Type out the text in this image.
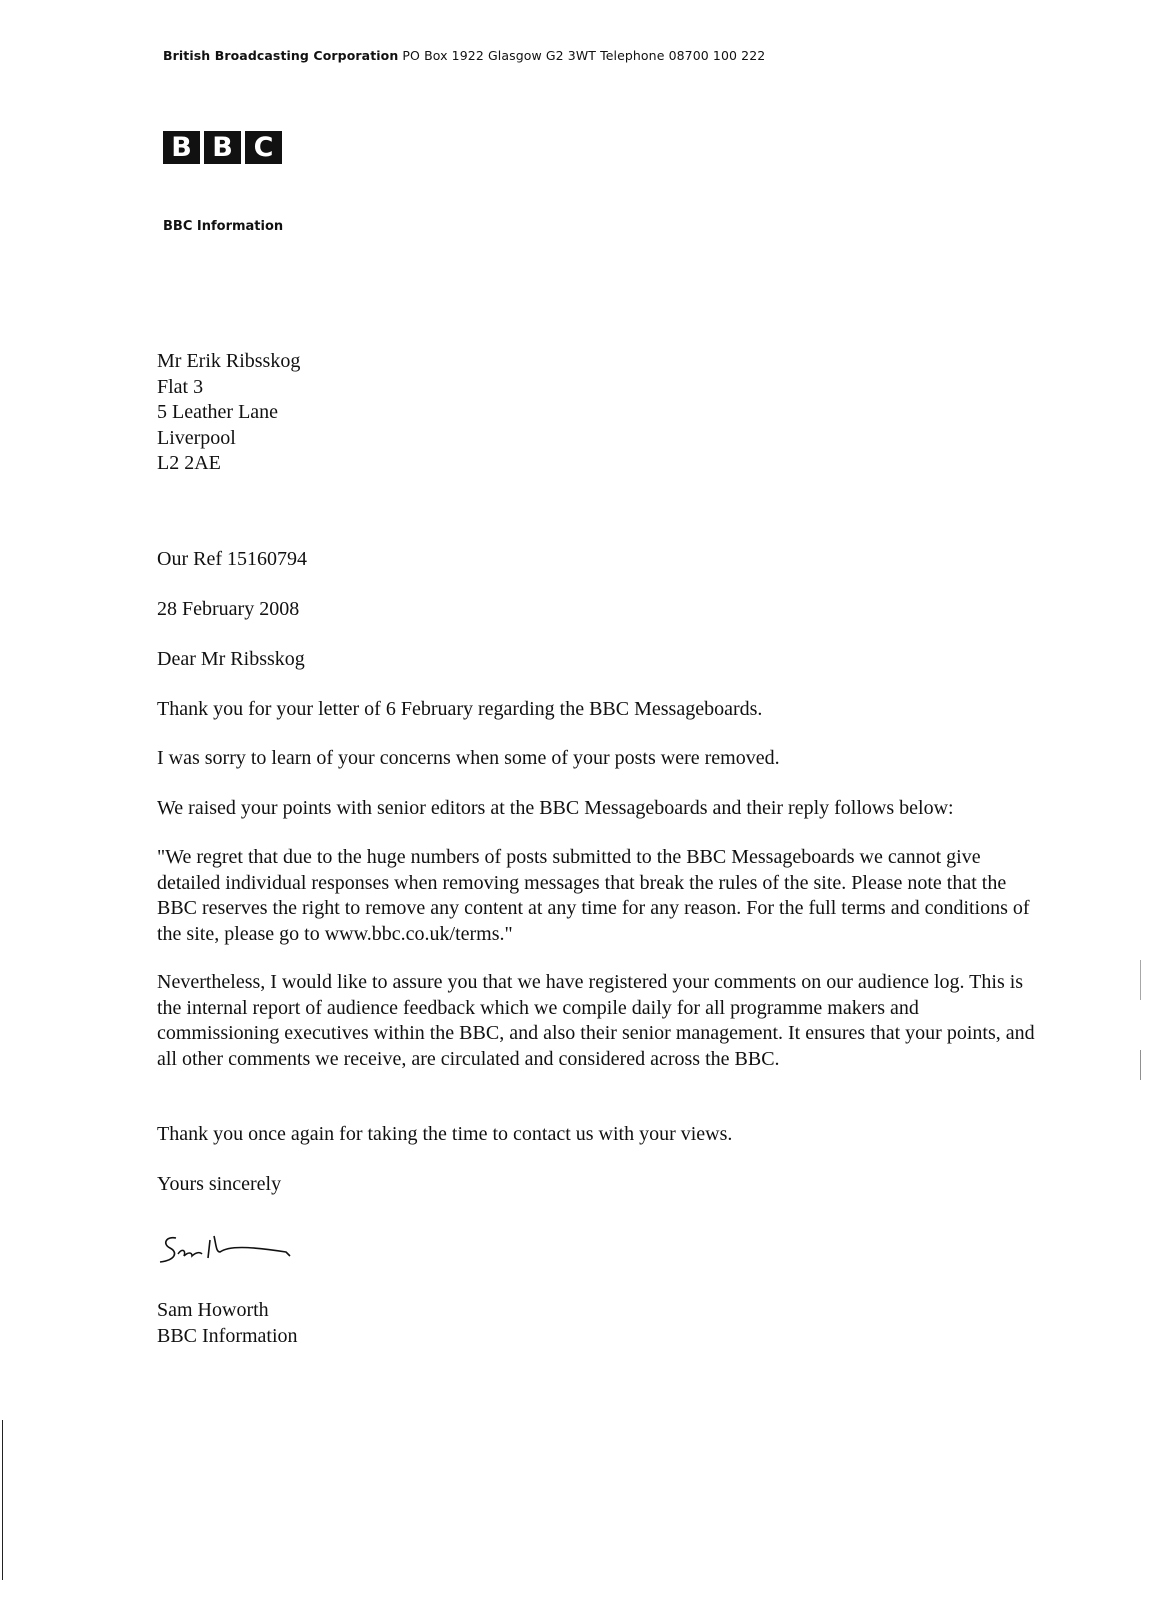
British Broadcasting Corporation PO Box 1922 Glasgow G2 3WT Telephone 08700 100 222
B B C
BBC Information
Mr Erik Ribsskog
Flat 3
5 Leather Lane
Liverpool
L2 2AE
Our Ref 15160794
28 February 2008
Dear Mr Ribsskog
Thank you for your letter of 6 February regarding the BBC Messageboards.
I was sorry to learn of your concerns when some of your posts were removed.
We raised your points with senior editors at the BBC Messageboards and their reply follows below:
"We regret that due to the huge numbers of posts submitted to the BBC Messageboards we cannot give detailed individual responses when removing messages that break the rules of the site. Please note that the BBC reserves the right to remove any content at any time for any reason. For the full terms and conditions of the site, please go to www.bbc.co.uk/terms."
Nevertheless, I would like to assure you that we have registered your comments on our audience log. This is the internal report of audience feedback which we compile daily for all programme makers and commissioning executives within the BBC, and also their senior management. It ensures that your points, and all other comments we receive, are circulated and considered across the BBC.
Thank you once again for taking the time to contact us with your views.
Yours sincerely
Sam Howorth
BBC Information
